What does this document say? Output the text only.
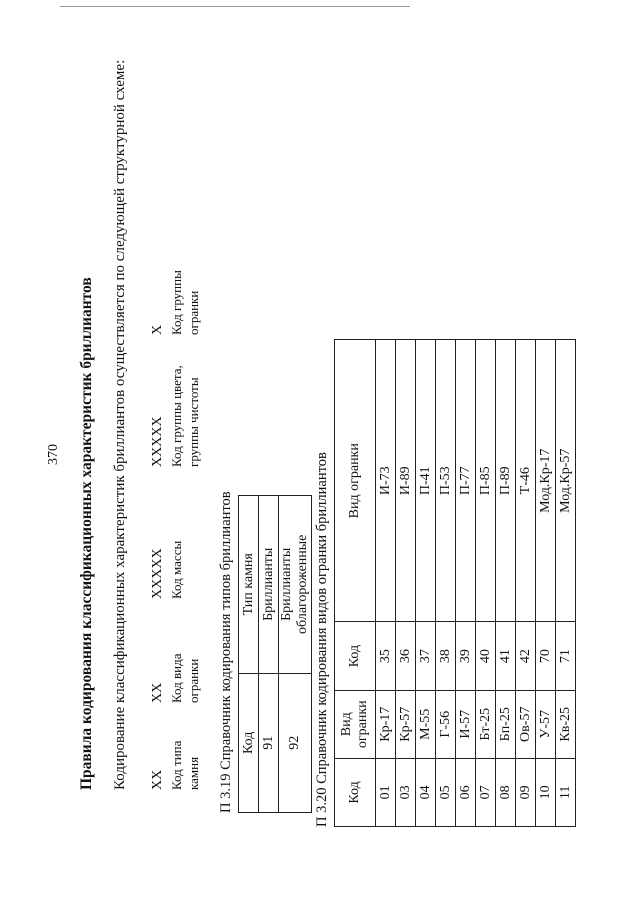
370 Правила кодирования классификационных характеристик бриллиантов Кодирование классификационных характеристик бриллиантов осуществляется по следующей структурной схеме: XX Код типа камня
XX Код вида огранки
XXXXX Код массы
XXXXX Код группы цвета, группы чистоты
X Код группы огранки
П 3.19 Справочник кодирования типов бриллиантов Код	Тип камня
91	Бриллианты
92	Бриллианты облагороженные П 3.20 Справочник кодирования видов огранки бриллиантов Код	Вид огранки	Код	Вид огранки
01	Кр-17	35	И-73
03	Кр-57	36	И-89
04	М-55	37	П-41
05	Г-56	38	П-53
06	И-57	39	П-77
07	Бт-25	40	П-85
08	Бп-25	41	П-89
09	Ов-57	42	Т-46
10	У-57	70	Мод.Кр-17
11	Кв-25	71	Мод.Кр-57
